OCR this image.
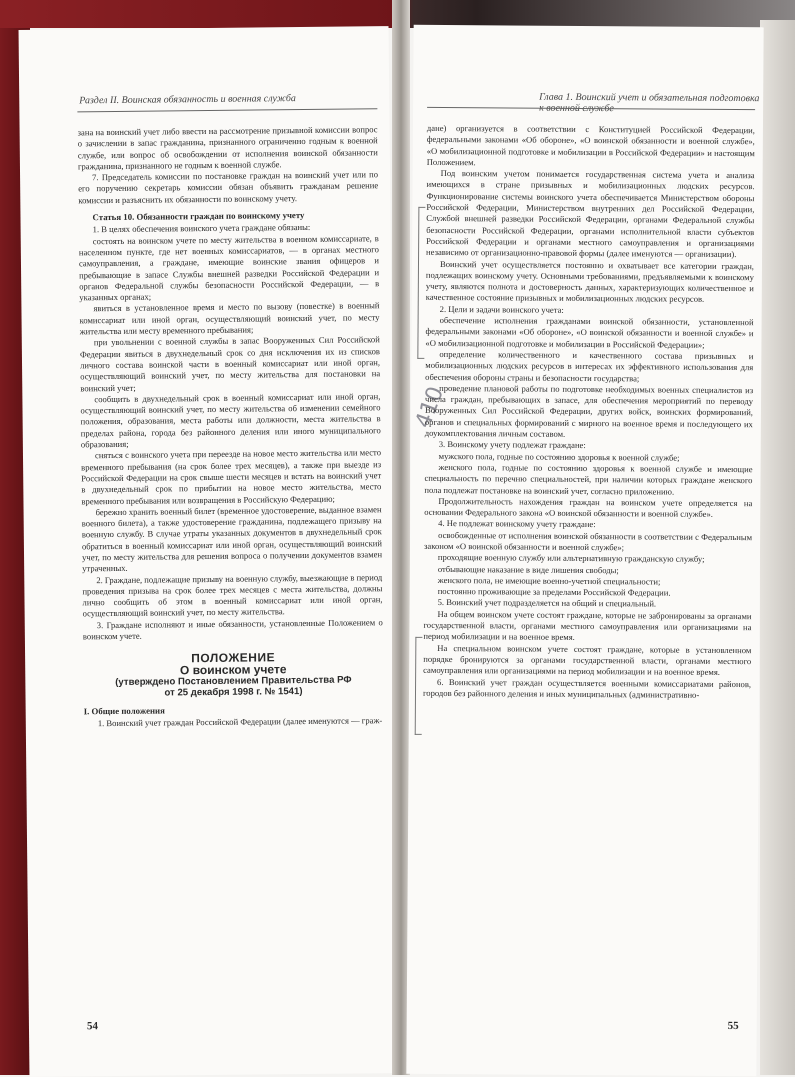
Раздел II. Воинская обязанность и военная служба

зана на воинский учет либо ввести на рассмотрение призывной комиссии вопрос о зачислении в запас гражданина, признанного ограниченно годным к военной службе, или вопрос об освобождении от исполнения воинской обязанности гражданина, признанного не годным к военной службе.

7. Председатель комиссии по постановке граждан на воинский учет или по его поручению секретарь комиссии обязан объявить гражданам решение комиссии и разъяснить их обязанности по воинскому учету.

Статья 10. Обязанности граждан по воинскому учету

1. В целях обеспечения воинского учета граждане обязаны:

состоять на воинском учете по месту жительства в военном комиссариате, в населенном пункте, где нет военных комиссариатов, — в органах местного самоуправления, а граждане, имеющие воинские звания офицеров и пребывающие в запасе Службы внешней разведки Российской Федерации и органов Федеральной службы безопасности Российской Федерации, — в указанных органах;

явиться в установленное время и место по вызову (повестке) в военный комиссариат или иной орган, осуществляющий воинский учет, по месту жительства или месту временного пребывания;

при увольнении с военной службы в запас Вооруженных Сил Российской Федерации явиться в двухнедельный срок со дня исключения их из списков личного состава воинской части в военный комиссариат или иной орган, осуществляющий воинский учет, по месту жительства для постановки на воинский учет;

сообщить в двухнедельный срок в военный комиссариат или иной орган, осуществляющий воинский учет, по месту жительства об изменении семейного положения, образования, места работы или должности, места жительства в пределах района, города без районного деления или иного муниципального образования;

сняться с воинского учета при переезде на новое место жительства или место временного пребывания (на срок более трех месяцев), а также при выезде из Российской Федерации на срок свыше шести месяцев и встать на воинский учет в двухнедельный срок по прибытии на новое место жительства, место временного пребывания или возвращения в Российскую Федерацию;

бережно хранить военный билет (временное удостоверение, выданное взамен военного билета), а также удостоверение гражданина, подлежащего призыву на военную службу. В случае утраты указанных документов в двухнедельный срок обратиться в военный комиссариат или иной орган, осуществляющий воинский учет, по месту жительства для решения вопроса о получении документов взамен утраченных.

2. Граждане, подлежащие призыву на военную службу, выезжающие в период проведения призыва на срок более трех месяцев с места жительства, должны лично сообщить об этом в военный комиссариат или иной орган, осуществляющий воинский учет, по месту жительства.

3. Граждане исполняют и иные обязанности, установленные Положением о воинском учете.

ПОЛОЖЕНИЕ
О воинском учете
(утверждено Постановлением Правительства РФ
от 25 декабря 1998 г. № 1541)
I. Общие положения

1. Воинский учет граждан Российской Федерации (далее именуются — граж-

54
Глава 1. Воинский учет и обязательная подготовка
410

дане) организуется в соответствии с Конституцией Российской Федерации, федеральными законами «Об обороне», «О воинской обязанности и военной службе», «О мобилизационной подготовке и мобилизации в Российской Федерации» и настоящим Положением.

Под воинским учетом понимается государственная система учета и анализа имеющихся в стране призывных и мобилизационных людских ресурсов. Функционирование системы воинского учета обеспечивается Министерством обороны Российской Федерации, Министерством внутренних дел Российской Федерации, Службой внешней разведки Российской Федерации, органами Федеральной службы безопасности Российской Федерации, органами исполнительной власти субъектов Российской Федерации и органами местного самоуправления и организациями независимо от организационно-правовой формы (далее именуются — организации).

Воинский учет осуществляется постоянно и охватывает все категории граждан, подлежащих воинскому учету. Основными требованиями, предъявляемыми к воинскому учету, являются полнота и достоверность данных, характеризующих количественное и качественное состояние призывных и мобилизационных людских ресурсов.

2. Цели и задачи воинского учета:

обеспечение исполнения гражданами воинской обязанности, установленной федеральными законами «Об обороне», «О воинской обязанности и военной службе» и «О мобилизационной подготовке и мобилизации в Российской Федерации»;

определение количественного и качественного состава призывных и мобилизационных людских ресурсов в интересах их эффективного использования для обеспечения обороны страны и безопасности государства;

проведение плановой работы по подготовке необходимых военных специалистов из числа граждан, пребывающих в запасе, для обеспечения мероприятий по переводу Вооруженных Сил Российской Федерации, других войск, воинских формирований, органов и специальных формирований с мирного на военное время и последующего их доукомплектования личным составом.

3. Воинскому учету подлежат граждане:

мужского пола, годные по состоянию здоровья к военной службе;

женского пола, годные по состоянию здоровья к военной службе и имеющие специальность по перечню специальностей, при наличии которых граждане женского пола подлежат постановке на воинский учет, согласно приложению.

Продолжительность нахождения граждан на воинском учете определяется на основании Федерального закона «О воинской обязанности и военной службе».

4. Не подлежат воинскому учету граждане:

освобожденные от исполнения воинской обязанности в соответствии с Федеральным законом «О воинской обязанности и военной службе»;

проходящие военную службу или альтернативную гражданскую службу;

отбывающие наказание в виде лишения свободы;

женского пола, не имеющие военно-учетной специальности;

постоянно проживающие за пределами Российской Федерации.

5. Воинский учет подразделяется на общий и специальный.

На общем воинском учете состоят граждане, которые не забронированы за органами государственной власти, органами местного самоуправления или организациями на период мобилизации и на военное время.

На специальном воинском учете состоят граждане, которые в установленном порядке бронируются за органами государственной власти, органами местного самоуправления или организациями на период мобилизации и на военное время.

6. Воинский учет граждан осуществляется военными комиссариатами районов, городов без районного деления и иных муниципальных (административно-

55
